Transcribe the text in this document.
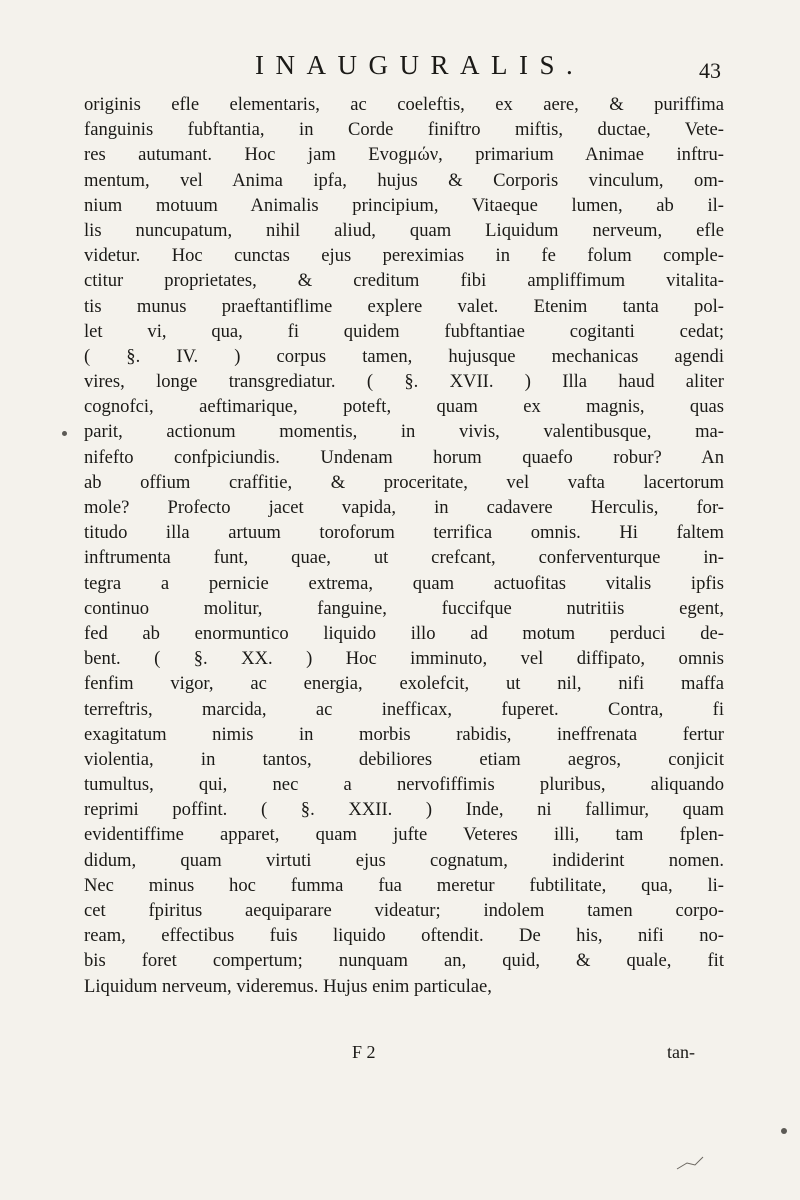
INAUGURALIS.	43
originis efle elementaris, ac coeleftis, ex aere, & puriffima
fanguinis fubftantia, in Corde finiftro miftis, ductae, Vete-
res autumant. Hoc jam Εvοgμών, primarium Animae inftru-
mentum, vel Anima ipfa, hujus & Corporis vinculum, om-
nium motuum Animalis principium, Vitaeque lumen, ab il-
lis nuncupatum, nihil aliud, quam Liquidum nerveum, efle
videtur. Hoc cunctas ejus pereximias in fe folum comple-
ctitur proprietates, & creditum fibi ampliffimum vitalita-
tis munus praeftantiflime explere valet. Etenim tanta pol-
let vi, qua, fi quidem fubftantiae cogitanti cedat;
( §. IV. ) corpus tamen, hujusque mechanicas agendi
vires, longe transgrediatur. ( §. XVII. ) Illa haud aliter
cognofci, aeftimarique, poteft, quam ex magnis, quas
parit, actionum momentis, in vivis, valentibusque, ma-
nifefto confpiciundis. Undenam horum quaefo robur? An
ab offium craffitie, & proceritate, vel vafta lacertorum
mole? Profecto jacet vapida, in cadavere Herculis, for-
titudo illa artuum toroforum terrifica omnis. Hi faltem
inftrumenta funt, quae, ut crefcant, conferventurque in-
tegra a pernicie extrema, quam actuofitas vitalis ipfis
continuo molitur, fanguine, fuccifque nutritiis egent,
fed ab enormuntico liquido illo ad motum perduci de-
bent. ( §. XX. ) Hoc imminuto, vel diffipato, omnis
fenfim vigor, ac energia, exolefcit, ut nil, nifi maffa
terreftris, marcida, ac inefficax, fuperet. Contra, fi
exagitatum nimis in morbis rabidis, ineffrenata fertur
violentia, in tantos, debiliores etiam aegros, conjicit
tumultus, qui, nec a nervofiffimis pluribus, aliquando
reprimi poffint. ( §. XXII. ) Inde, ni fallimur, quam
evidentiffime apparet, quam jufte Veteres illi, tam fplen-
didum, quam virtuti ejus cognatum, indiderint nomen.
Nec minus hoc fumma fua meretur fubtilitate, qua, li-
cet fpiritus aequiparare videatur; indolem tamen corpo-
ream, effectibus fuis liquido oftendit. De his, nifi no-
bis foret compertum; nunquam an, quid, & quale, fit
Liquidum nerveum, videremus. Hujus enim particulae,
F 2	tan-
